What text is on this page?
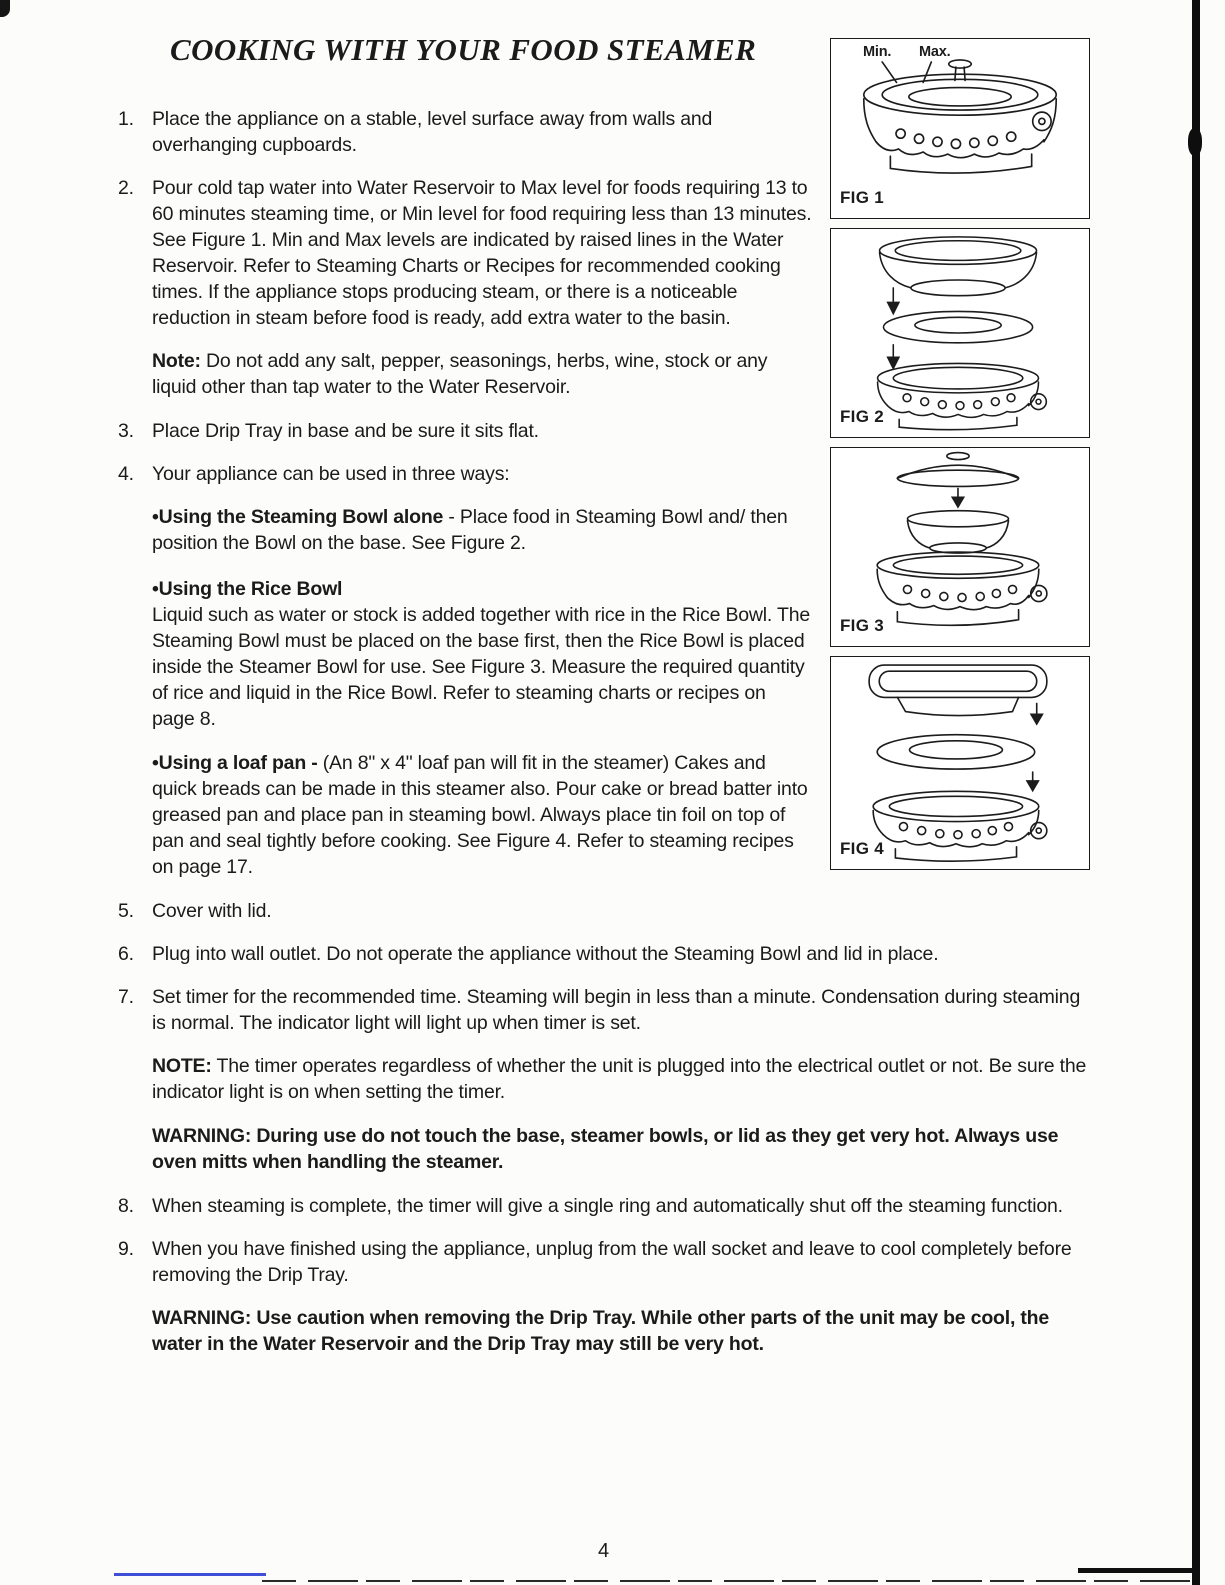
Min. Max.
FIG 1
FIG 2
FIG 3
FIG 4
COOKING WITH YOUR FOOD STEAMER

1. Place the appliance on a stable, level surface away from walls and overhanging cupboards.

2. Pour cold tap water into Water Reservoir to Max level for foods requiring 13 to 60 minutes steaming time, or Min level for food requiring less than 13 minutes. See Figure 1. Min and Max levels are indicated by raised lines in the Water Reservoir. Refer to Steaming Charts or Recipes for recommended cooking times. If the appliance stops producing steam, or there is a noticeable reduction in steam before food is ready, add extra water to the basin.

Note: Do not add any salt, pepper, seasonings, herbs, wine, stock or any liquid other than tap water to the Water Reservoir.

3. Place Drip Tray in base and be sure it sits flat.

4. Your appliance can be used in three ways:

•Using the Steaming Bowl alone - Place food in Steaming Bowl and/ then position the Bowl on the base. See Figure 2.

•Using the Rice Bowl

Liquid such as water or stock is added together with rice in the Rice Bowl. The Steaming Bowl must be placed on the base first, then the Rice Bowl is placed inside the Steamer Bowl for use. See Figure 3. Measure the required quantity of rice and liquid in the Rice Bowl. Refer to steaming charts or recipes on page 8.

•Using a loaf pan - (An 8" x 4" loaf pan will fit in the steamer) Cakes and quick breads can be made in this steamer also. Pour cake or bread batter into greased pan and place pan in steaming bowl. Always place tin foil on top of pan and seal tightly before cooking. See Figure 4. Refer to steaming recipes on page 17.

5. Cover with lid.

6. Plug into wall outlet. Do not operate the appliance without the Steaming Bowl and lid in place.

7. Set timer for the recommended time. Steaming will begin in less than a minute. Condensation during steaming is normal. The indicator light will light up when timer is set.

NOTE: The timer operates regardless of whether the unit is plugged into the electrical outlet or not. Be sure the indicator light is on when setting the timer.

WARNING: During use do not touch the base, steamer bowls, or lid as they get very hot. Always use oven mitts when handling the steamer.

8. When steaming is complete, the timer will give a single ring and automatically shut off the steaming function.

9. When you have finished using the appliance, unplug from the wall socket and leave to cool completely before removing the Drip Tray.

WARNING: Use caution when removing the Drip Tray. While other parts of the unit may be cool, the water in the Water Reservoir and the Drip Tray may still be very hot.

4
